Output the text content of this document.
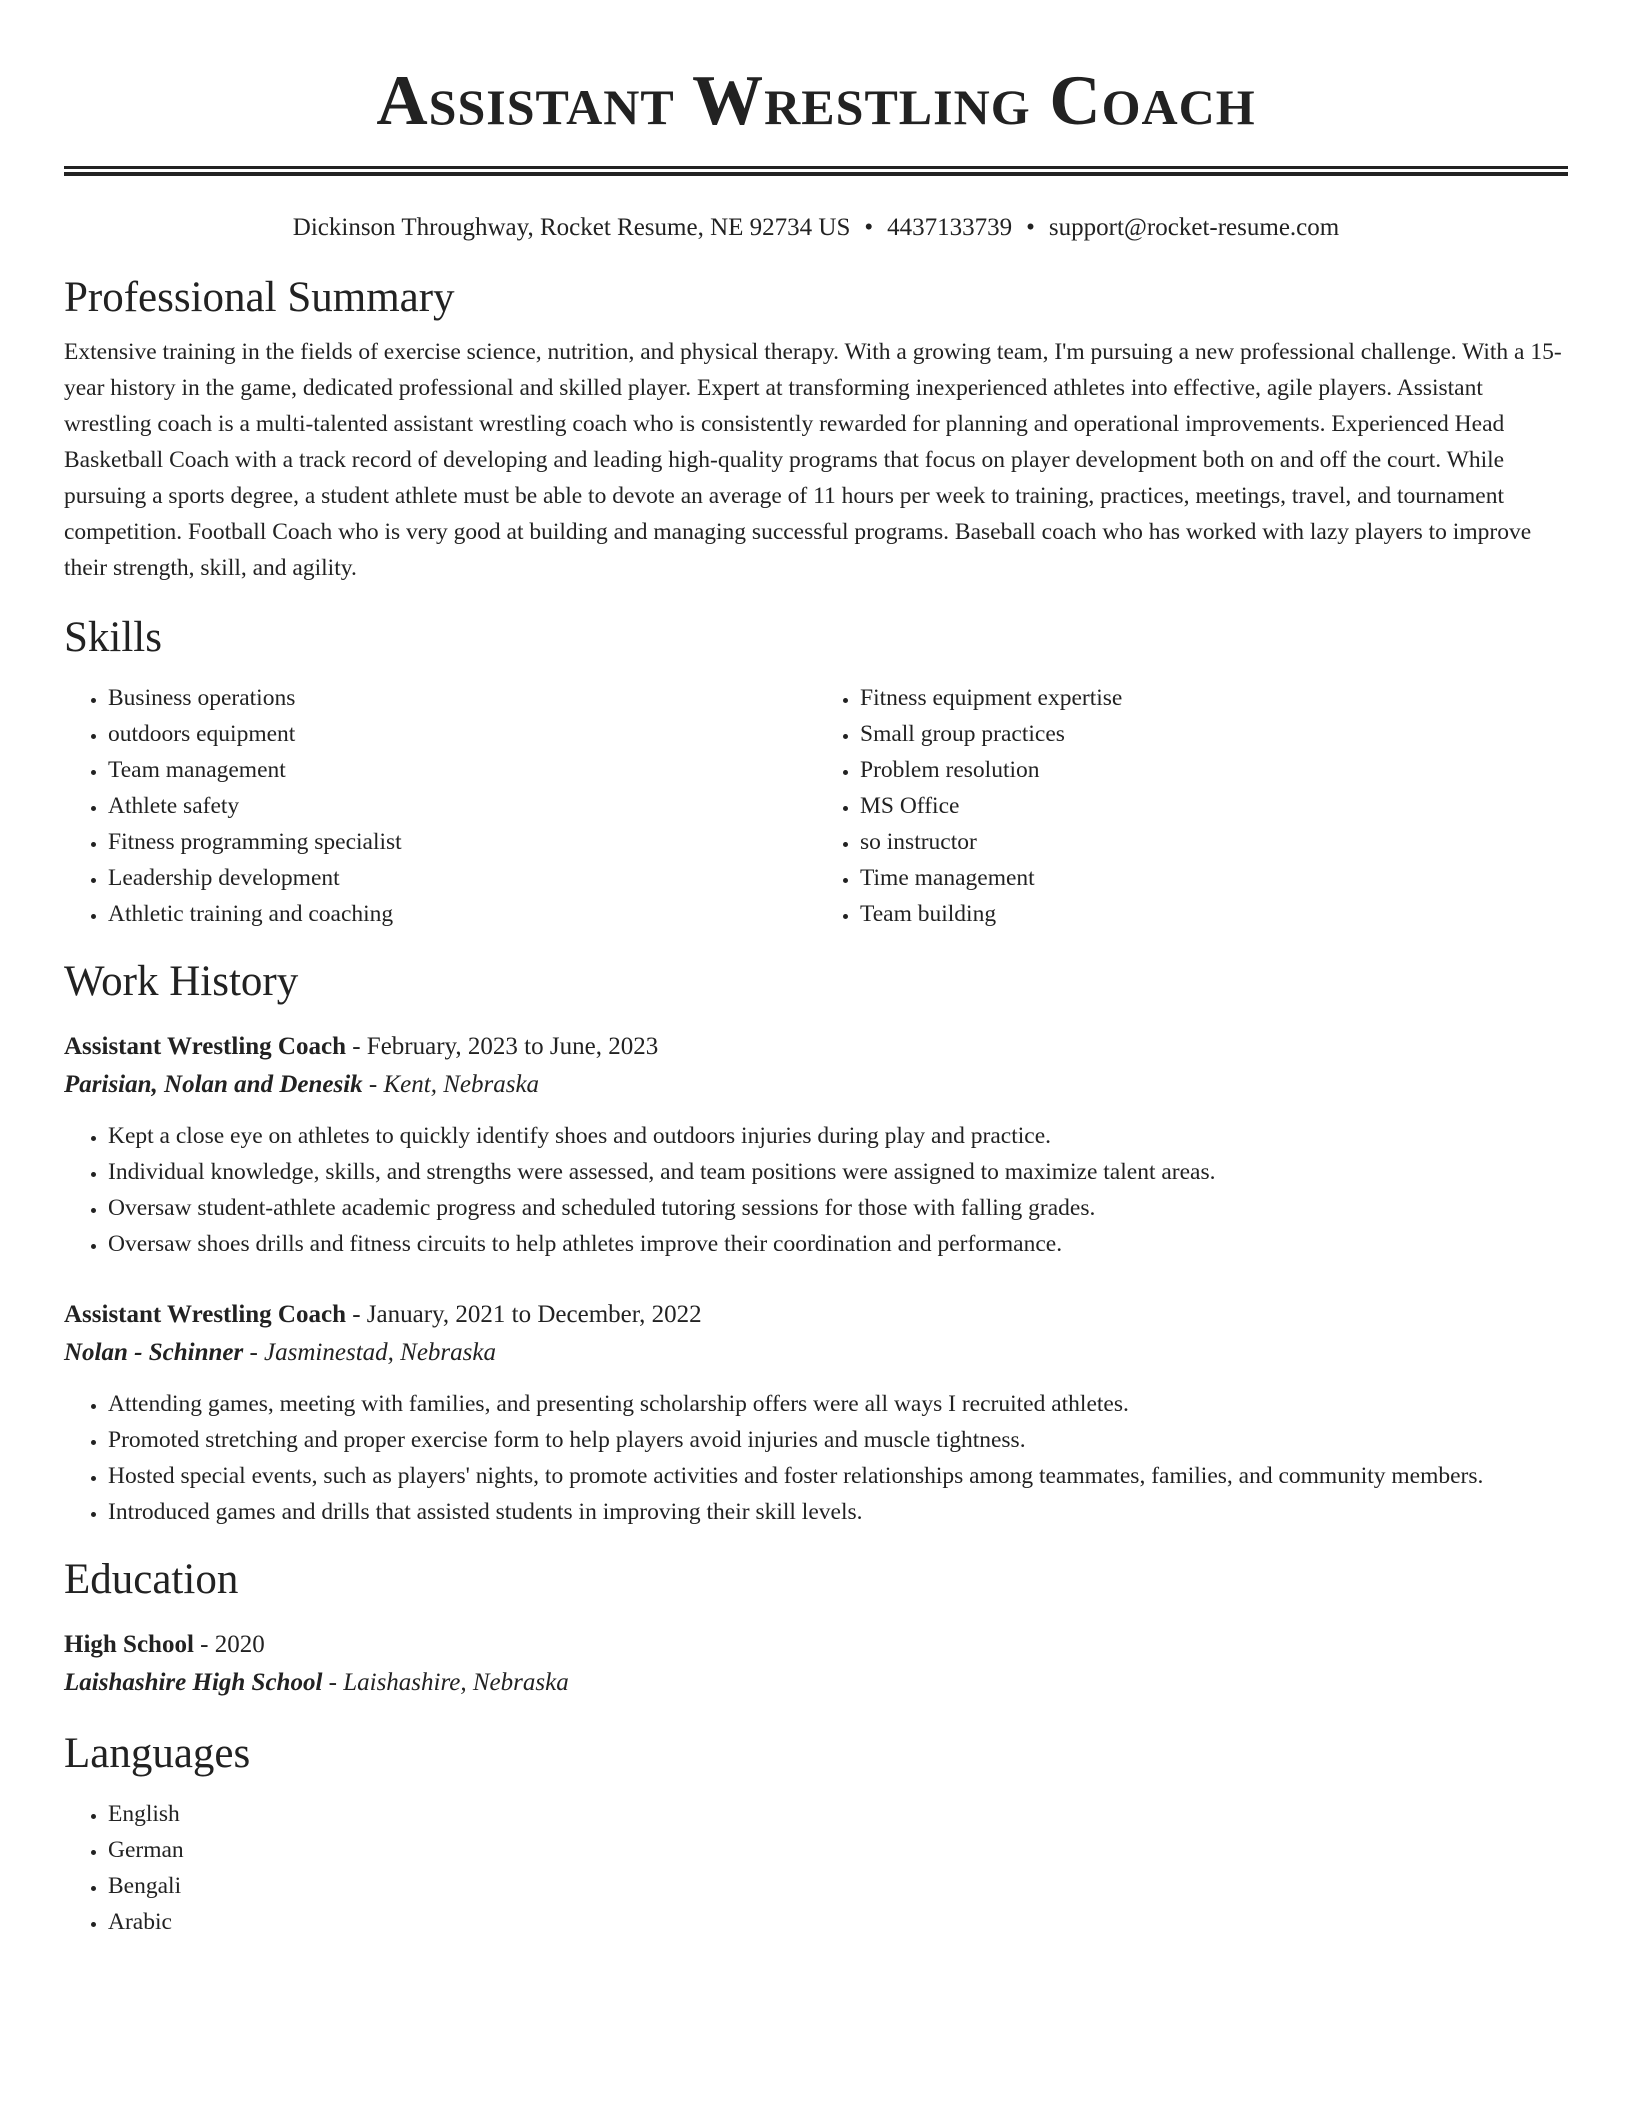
Assistant Wrestling Coach
Dickinson Throughway, Rocket Resume, NE 92734 US • 4437133739 • support@rocket-resume.com
Professional Summary

Extensive training in the fields of exercise science, nutrition, and physical therapy. With a growing team, I'm pursuing a new professional challenge. With a 15-year history in the game, dedicated professional and skilled player. Expert at transforming inexperienced athletes into effective, agile players. Assistant wrestling coach is a multi-talented assistant wrestling coach who is consistently rewarded for planning and operational improvements. Experienced Head Basketball Coach with a track record of developing and leading high-quality programs that focus on player development both on and off the court. While pursuing a sports degree, a student athlete must be able to devote an average of 11 hours per week to training, practices, meetings, travel, and tournament competition. Football Coach who is very good at building and managing successful programs. Baseball coach who has worked with lazy players to improve their strength, skill, and agility.

Skills
• Business operations
• outdoors equipment
• Team management
• Athlete safety
• Fitness programming specialist
• Leadership development
• Athletic training and coaching
• Fitness equipment expertise
• Small group practices
• Problem resolution
• MS Office
• so instructor
• Time management
• Team building
Work History
Assistant Wrestling Coach - February, 2023 to June, 2023
Parisian, Nolan and Denesik - Kent, Nebraska
• Kept a close eye on athletes to quickly identify shoes and outdoors injuries during play and practice.
• Individual knowledge, skills, and strengths were assessed, and team positions were assigned to maximize talent areas.
• Oversaw student-athlete academic progress and scheduled tutoring sessions for those with falling grades.
• Oversaw shoes drills and fitness circuits to help athletes improve their coordination and performance.
Assistant Wrestling Coach - January, 2021 to December, 2022
Nolan - Schinner - Jasminestad, Nebraska
• Attending games, meeting with families, and presenting scholarship offers were all ways I recruited athletes.
• Promoted stretching and proper exercise form to help players avoid injuries and muscle tightness.
• Hosted special events, such as players' nights, to promote activities and foster relationships among teammates, families, and community members.
• Introduced games and drills that assisted students in improving their skill levels.
Education
High School - 2020
Laishashire High School - Laishashire, Nebraska
Languages
• English
• German
• Bengali
• Arabic
